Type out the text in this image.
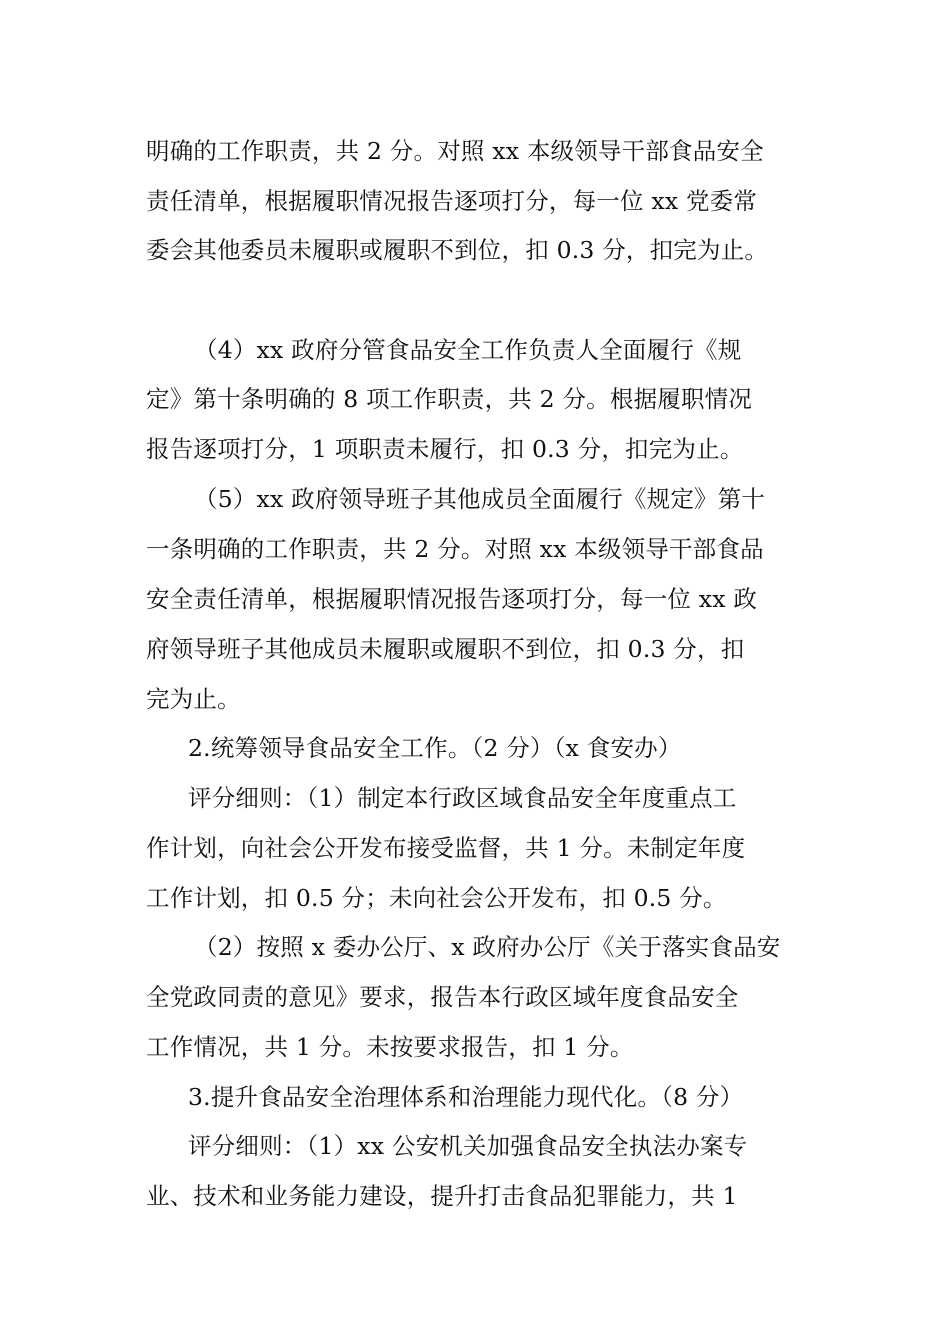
明确的工作职责，共 2 分。对照 xx 本级领导干部食品安全
责任清单，根据履职情况报告逐项打分，每一位 xx 党委常
委会其他委员未履职或履职不到位，扣 0.3 分，扣完为止。
（4）xx 政府分管食品安全工作负责人全面履行《规
定》第十条明确的 8 项工作职责，共 2 分。根据履职情况
报告逐项打分，1 项职责未履行，扣 0.3 分，扣完为止。
（5）xx 政府领导班子其他成员全面履行《规定》第十
一条明确的工作职责，共 2 分。对照 xx 本级领导干部食品
安全责任清单，根据履职情况报告逐项打分，每一位 xx 政
府领导班子其他成员未履职或履职不到位，扣 0.3 分，扣
完为止。
2.统筹领导食品安全工作。（2 分）（x 食安办）
评分细则：（1）制定本行政区域食品安全年度重点工
作计划，向社会公开发布接受监督，共 1 分。未制定年度
工作计划，扣 0.5 分；未向社会公开发布，扣 0.5 分。
（2）按照 x 委办公厅、x 政府办公厅《关于落实食品安
全党政同责的意见》要求，报告本行政区域年度食品安全
工作情况，共 1 分。未按要求报告，扣 1 分。
3.提升食品安全治理体系和治理能力现代化。（8 分）
评分细则：（1）xx 公安机关加强食品安全执法办案专
业、技术和业务能力建设，提升打击食品犯罪能力，共 1
